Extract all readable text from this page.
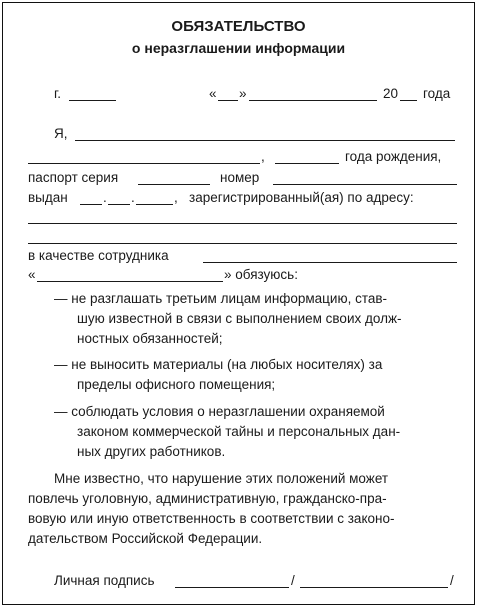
ОБЯЗАТЕЛЬСТВО
о неразглашении информации
г.	« »	20 года
Я,
,	года рождения,
паспорт серия	номер
выдан	. .	, зарегистрированный(ая) по адресу:
в качестве сотрудника
«	» обязуюсь:
— не разглашать третьим лицам информацию, став-
шую известной в связи с выполнением своих долж-
ностных обязанностей;
— не выносить материалы (на любых носителях) за
пределы офисного помещения;
— соблюдать условия о неразглашении охраняемой
законом коммерческой тайны и персональных дан-
ных других работников.
Мне известно, что нарушение этих положений может
повлечь уголовную, административную, гражданско-пра-
вовую или иную ответственность в соответствии с законо-
дательством Российской Федерации.
Личная подпись	/	/
